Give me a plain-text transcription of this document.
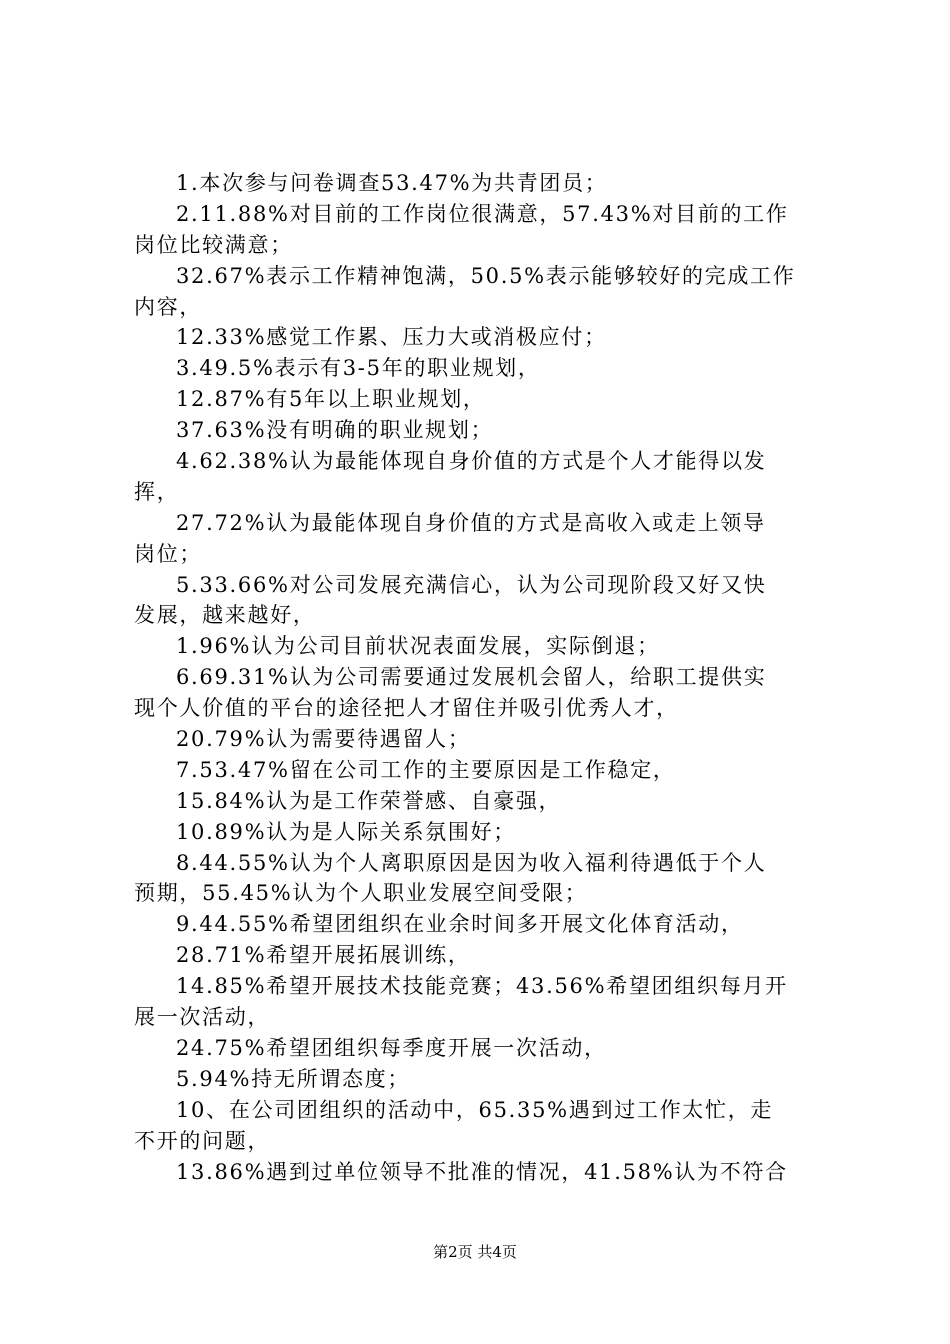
1.本次参与问卷调查53.47%为共青团员；
2.11.88%对目前的工作岗位很满意，57.43%对目前的工作
岗位比较满意；
32.67%表示工作精神饱满，50.5%表示能够较好的完成工作
内容，
12.33%感觉工作累、压力大或消极应付；
3.49.5%表示有3-5年的职业规划，
12.87%有5年以上职业规划，
37.63%没有明确的职业规划；
4.62.38%认为最能体现自身价值的方式是个人才能得以发
挥，
27.72%认为最能体现自身价值的方式是高收入或走上领导
岗位；
5.33.66%对公司发展充满信心，认为公司现阶段又好又快
发展，越来越好，
1.96%认为公司目前状况表面发展，实际倒退；
6.69.31%认为公司需要通过发展机会留人，给职工提供实
现个人价值的平台的途径把人才留住并吸引优秀人才，
20.79%认为需要待遇留人；
7.53.47%留在公司工作的主要原因是工作稳定，
15.84%认为是工作荣誉感、自豪强，
10.89%认为是人际关系氛围好；
8.44.55%认为个人离职原因是因为收入福利待遇低于个人
预期，55.45%认为个人职业发展空间受限；
9.44.55%希望团组织在业余时间多开展文化体育活动，
28.71%希望开展拓展训练，
14.85%希望开展技术技能竞赛；43.56%希望团组织每月开
展一次活动，
24.75%希望团组织每季度开展一次活动，
5.94%持无所谓态度；
10、在公司团组织的活动中，65.35%遇到过工作太忙，走
不开的问题，
13.86%遇到过单位领导不批准的情况，41.58%认为不符合
第2页 共4页
